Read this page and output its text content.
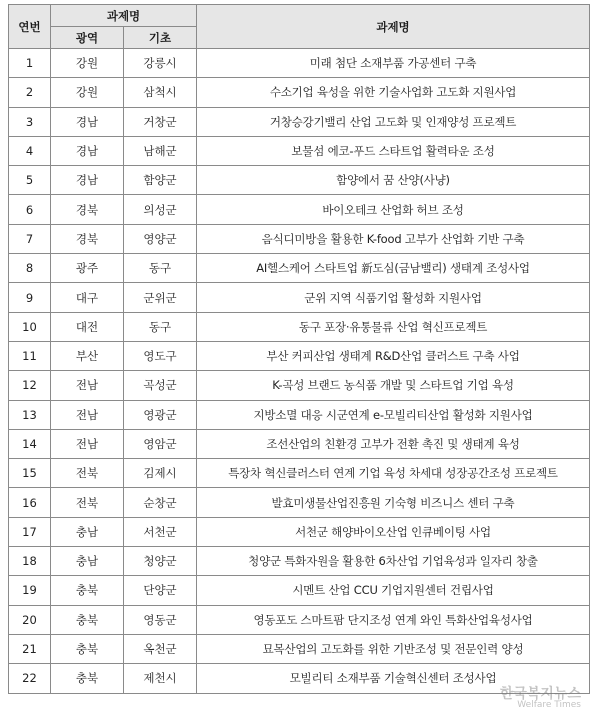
연번	과제명		과제명
	광역	기초	
1	강원	강릉시	미래 첨단 소재부품 가공센터 구축
2	강원	삼척시	수소기업 육성을 위한 기술사업화 고도화 지원사업
3	경남	거창군	거창승강기밸리 산업 고도화 및 인재양성 프로젝트
4	경남	남해군	보물섬 에코-푸드 스타트업 활력타운 조성
5	경남	함양군	함양에서 꿈 산양(사냥)
6	경북	의성군	바이오테크 산업화 허브 조성
7	경북	영양군	음식디미방을 활용한 K-food 고부가 산업화 기반 구축
8	광주	동구	AI헬스케어 스타트업 新도심(금남밸리) 생태계 조성사업
9	대구	군위군	군위 지역 식품기업 활성화 지원사업
10	대전	동구	동구 포장·유통물류 산업 혁신프로젝트
11	부산	영도구	부산 커피산업 생태계 R&D산업 클러스트 구축 사업
12	전남	곡성군	K-곡성 브랜드 농식품 개발 및 스타트업 기업 육성
13	전남	영광군	지방소멸 대응 시군연계 e-모빌리티산업 활성화 지원사업
14	전남	영암군	조선산업의 친환경 고부가 전환 촉진 및 생태계 육성
15	전북	김제시	특장차 혁신클러스터 연계 기업 육성 차세대 성장공간조성 프로젝트
16	전북	순창군	발효미생물산업진흥원 기숙형 비즈니스 센터 구축
17	충남	서천군	서천군 해양바이오산업 인큐베이팅 사업
18	충남	청양군	청양군 특화자원을 활용한 6차산업 기업육성과 일자리 창출
19	충북	단양군	시멘트 산업 CCU 기업지원센터 건립사업
20	충북	영동군	영동포도 스마트팜 단지조성 연계 와인 특화산업육성사업
21	충북	옥천군	묘목산업의 고도화를 위한 기반조성 및 전문인력 양성
22	충북	제천시	모빌리티 소재부품 기술혁신센터 조성사업
한국복지뉴스
Welfare Times
